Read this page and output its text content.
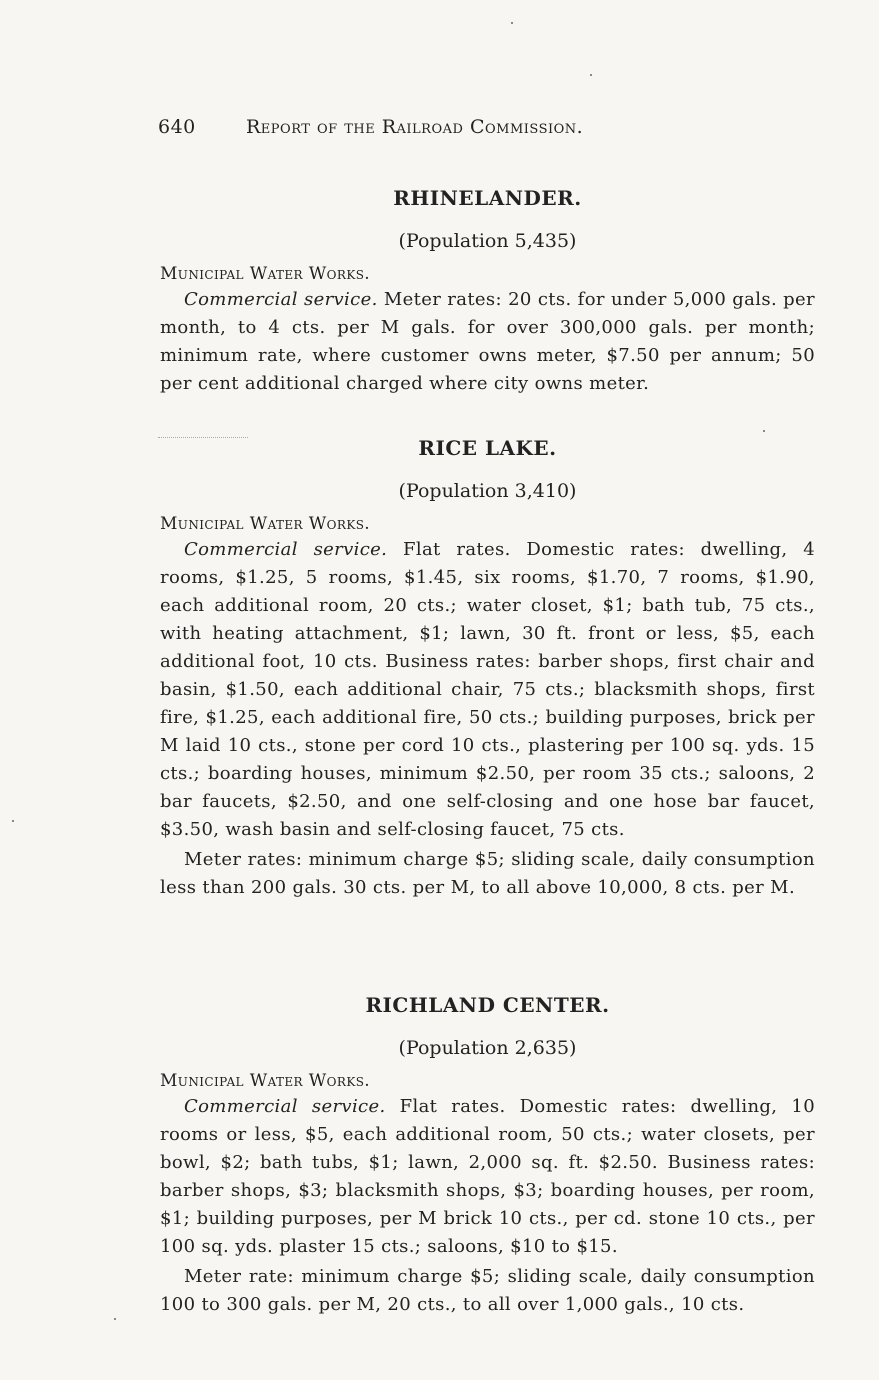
640	Report of the Railroad Commission.
RHINELANDER.

(Population 5,435)

Municipal Water Works.

Commercial service. Meter rates: 20 cts. for under 5,000 gals. per month, to 4 cts. per M gals. for over 300,000 gals. per month; minimum rate, where customer owns meter, $7.50 per annum; 50 per cent additional charged where city owns meter.

RICE LAKE.

(Population 3,410)

Municipal Water Works.

Commercial service. Flat rates. Domestic rates: dwelling, 4 rooms, $1.25, 5 rooms, $1.45, six rooms, $1.70, 7 rooms, $1.90, each additional room, 20 cts.; water closet, $1; bath tub, 75 cts., with heating attachment, $1; lawn, 30 ft. front or less, $5, each additional foot, 10 cts. Business rates: barber shops, first chair and basin, $1.50, each additional chair, 75 cts.; blacksmith shops, first fire, $1.25, each additional fire, 50 cts.; building purposes, brick per M laid 10 cts., stone per cord 10 cts., plastering per 100 sq. yds. 15 cts.; boarding houses, minimum $2.50, per room 35 cts.; saloons, 2 bar faucets, $2.50, and one self-closing and one hose bar faucet, $3.50, wash basin and self-closing faucet, 75 cts.

Meter rates: minimum charge $5; sliding scale, daily consumption less than 200 gals. 30 cts. per M, to all above 10,000, 8 cts. per M.

RICHLAND CENTER.

(Population 2,635)

Municipal Water Works.

Commercial service. Flat rates. Domestic rates: dwelling, 10 rooms or less, $5, each additional room, 50 cts.; water closets, per bowl, $2; bath tubs, $1; lawn, 2,000 sq. ft. $2.50. Business rates: barber shops, $3; blacksmith shops, $3; boarding houses, per room, $1; building purposes, per M brick 10 cts., per cd. stone 10 cts., per 100 sq. yds. plaster 15 cts.; saloons, $10 to $15.

Meter rate: minimum charge $5; sliding scale, daily consumption 100 to 300 gals. per M, 20 cts., to all over 1,000 gals., 10 cts.
